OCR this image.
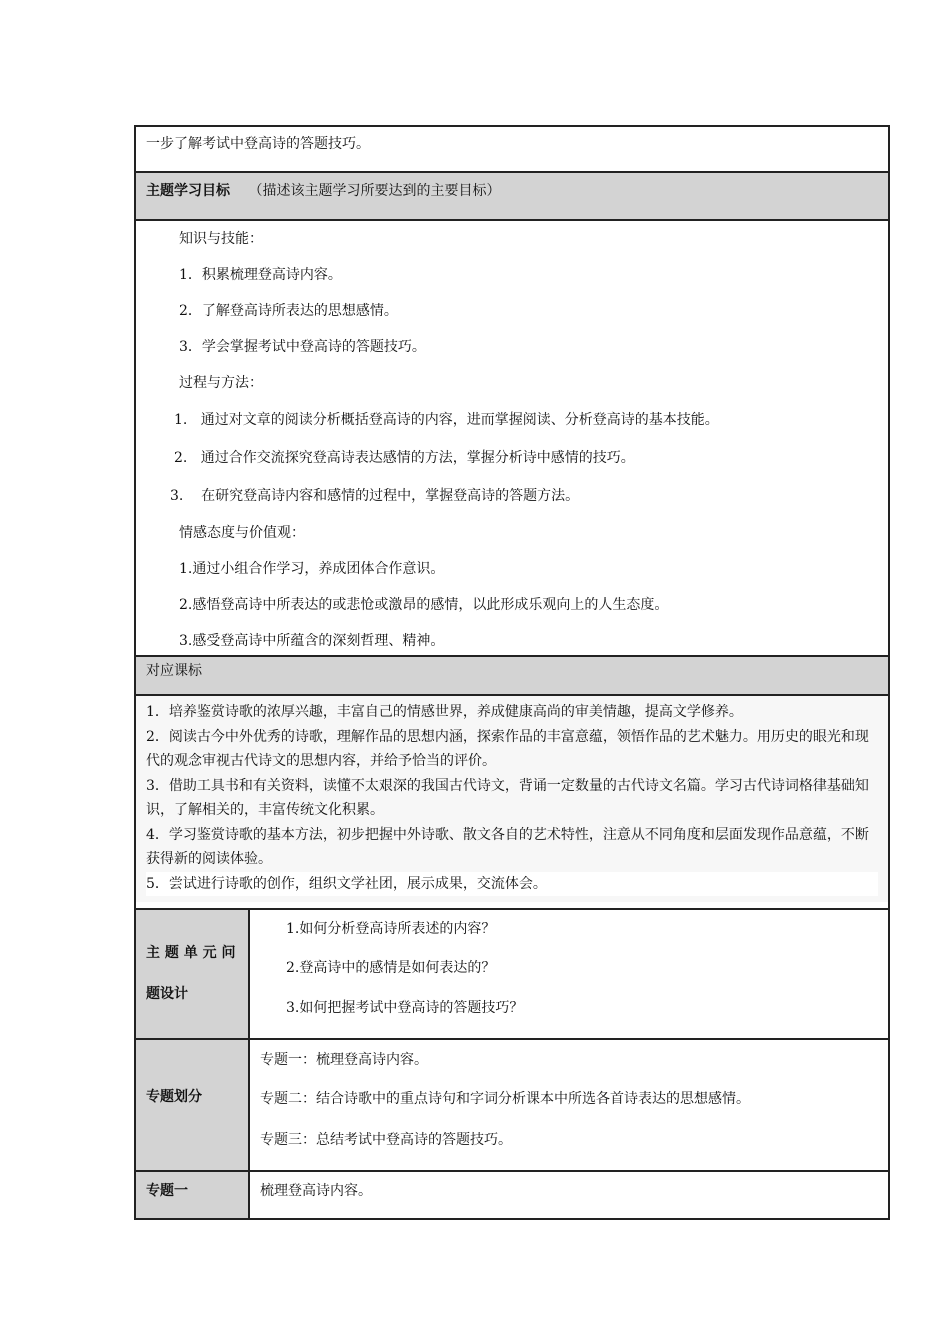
一步了解考试中登高诗的答题技巧。
主题学习目标 （描述该主题学习所要达到的主要目标）
知识与技能：
1．积累梳理登高诗内容。
2．了解登高诗所表达的思想感情。
3．学会掌握考试中登高诗的答题技巧。
过程与方法：
1.   通过对文章的阅读分析概括登高诗的内容，进而掌握阅读、分析登高诗的基本技能。
2.   通过合作交流探究登高诗表达感情的方法，掌握分析诗中感情的技巧。
3.    在研究登高诗内容和感情的过程中，掌握登高诗的答题方法。
情感态度与价值观：
1.通过小组合作学习，养成团体合作意识。
2.感悟登高诗中所表达的或悲怆或激昂的感情，以此形成乐观向上的人生态度。
3.感受登高诗中所蕴含的深刻哲理、精神。
对应课标
1．培养鉴赏诗歌的浓厚兴趣，丰富自己的情感世界，养成健康高尚的审美情趣，提高文学修养。
2．阅读古今中外优秀的诗歌，理解作品的思想内涵，探索作品的丰富意蕴，领悟作品的艺术魅力。用历史的眼光和现代的观念审视古代诗文的思想内容，并给予恰当的评价。
3．借助工具书和有关资料，读懂不太艰深的我国古代诗文，背诵一定数量的古代诗文名篇。学习古代诗词格律基础知识，了解相关的，丰富传统文化积累。
4．学习鉴赏诗歌的基本方法，初步把握中外诗歌、散文各自的艺术特性，注意从不同角度和层面发现作品意蕴，不断获得新的阅读体验。
5．尝试进行诗歌的创作，组织文学社团，展示成果，交流体会。
主 题 单 元 问
题设计
1.如何分析登高诗所表述的内容？
2.登高诗中的感情是如何表达的？
3.如何把握考试中登高诗的答题技巧？
专题划分
专题一：梳理登高诗内容。
专题二：结合诗歌中的重点诗句和字词分析课本中所选各首诗表达的思想感情。
专题三：总结考试中登高诗的答题技巧。
专题一	梳理登高诗内容。
